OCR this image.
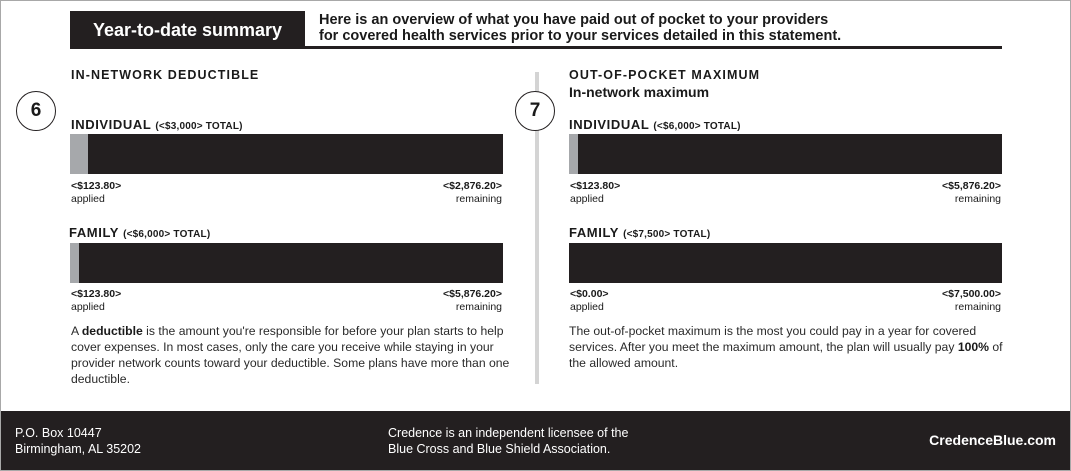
Year-to-date summary	Here is an overview of what you have paid out of pocket to your providers
for covered health services prior to your services detailed in this statement.
IN-NETWORK DEDUCTIBLE
6
INDIVIDUAL (<$3,000> TOTAL)
<$123.80>
applied
<$2,876.20>
remaining
FAMILY (<$6,000> TOTAL)
<$123.80>
applied
<$5,876.20>
remaining
A deductible is the amount you're responsible for before your plan starts to help cover expenses. In most cases, only the care you receive while staying in your provider network counts toward your deductible. Some plans have more than one deductible.
OUT-OF-POCKET MAXIMUM
In-network maximum
7
INDIVIDUAL (<$6,000> TOTAL)
<$123.80>
applied
<$5,876.20>
remaining
FAMILY (<$7,500> TOTAL)
<$0.00>
applied
<$7,500.00>
remaining
The out-of-pocket maximum is the most you could pay in a year for covered services. After you meet the maximum amount, the plan will usually pay 100% of the allowed amount.
P.O. Box 10447
Birmingham, AL 35202
Credence is an independent licensee of the
Blue Cross and Blue Shield Association.
CredenceBlue.com
